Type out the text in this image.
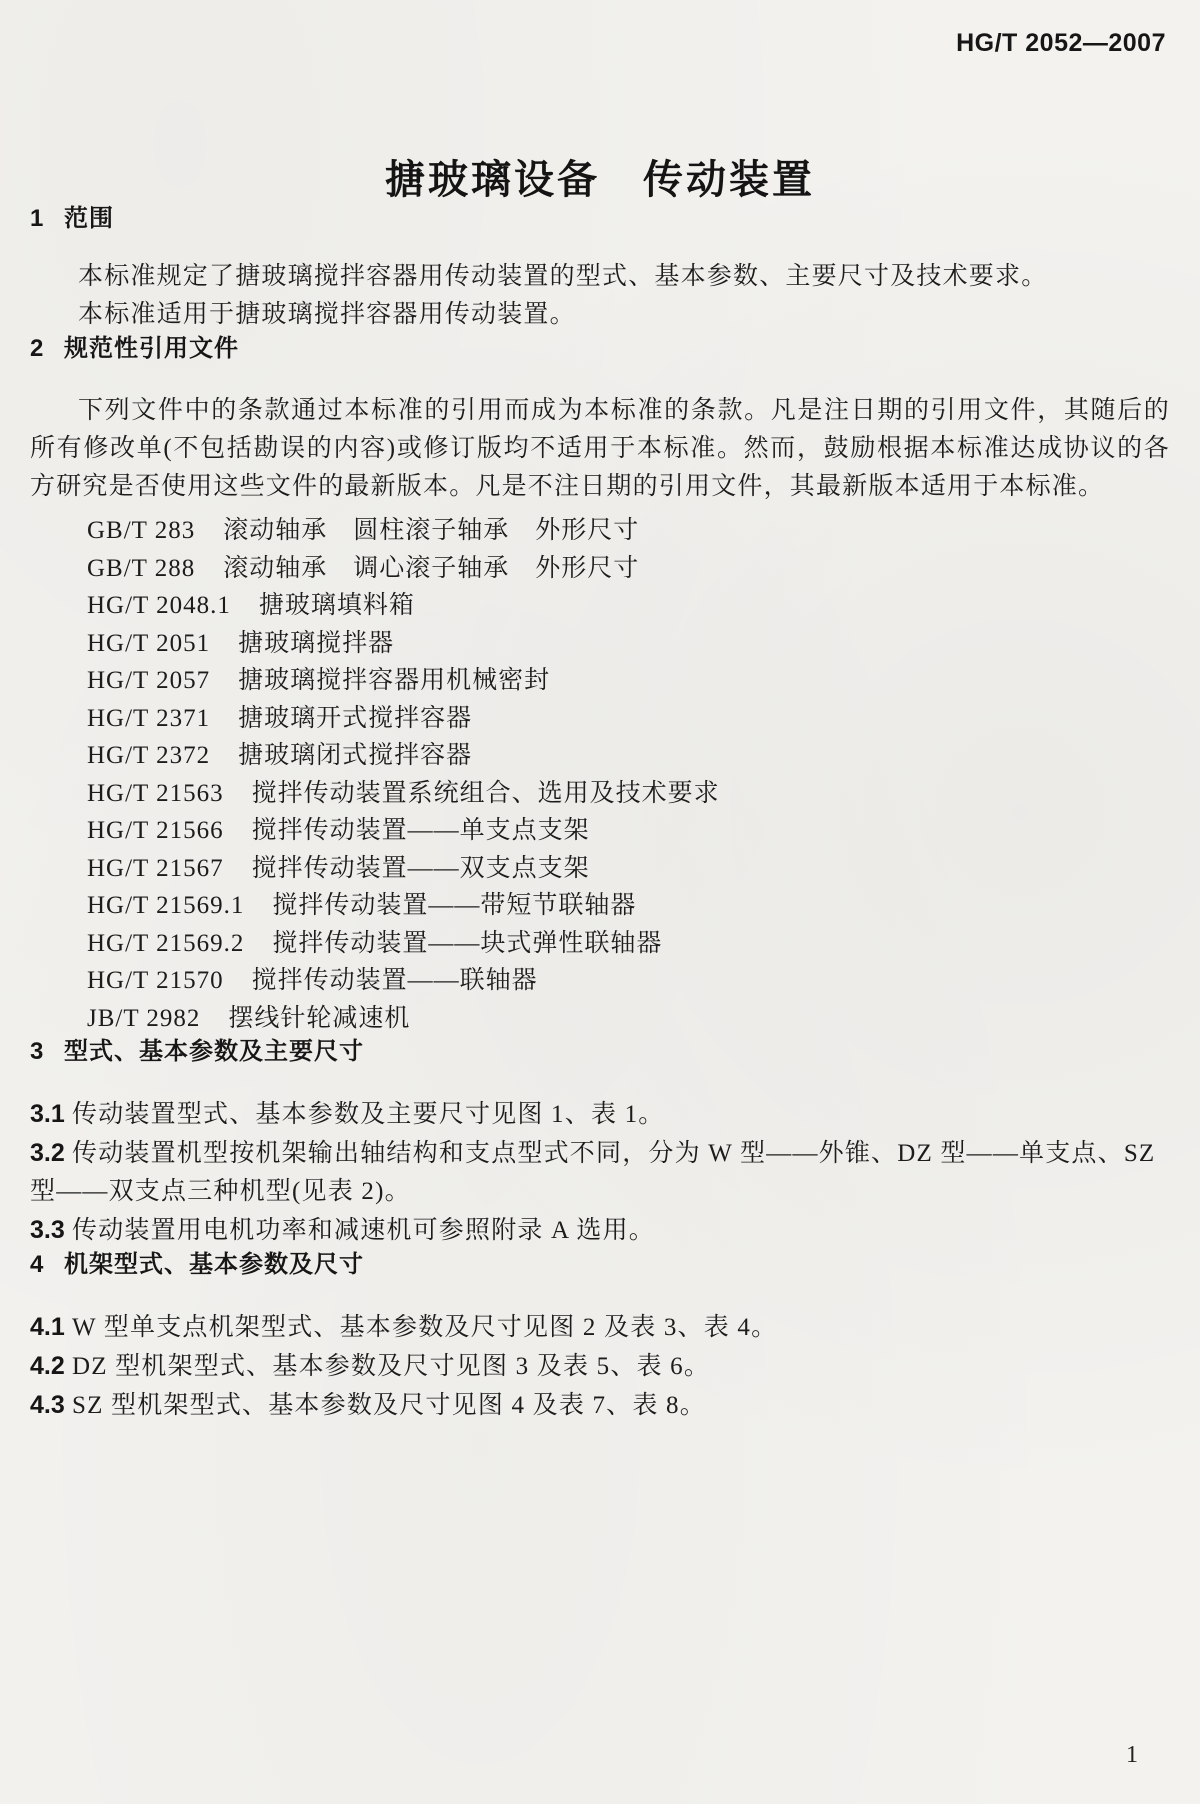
HG/T 2052—2007
搪玻璃设备　传动装置
1 范围

本标准规定了搪玻璃搅拌容器用传动装置的型式、基本参数、主要尺寸及技术要求。

本标准适用于搪玻璃搅拌容器用传动装置。

2 规范性引用文件

下列文件中的条款通过本标准的引用而成为本标准的条款。凡是注日期的引用文件，其随后的所有修改单(不包括勘误的内容)或修订版均不适用于本标准。然而，鼓励根据本标准达成协议的各方研究是否使用这些文件的最新版本。凡是不注日期的引用文件，其最新版本适用于本标准。

GB/T 283 滚动轴承　圆柱滚子轴承　外形尺寸
GB/T 288 滚动轴承　调心滚子轴承　外形尺寸
HG/T 2048.1 搪玻璃填料箱
HG/T 2051 搪玻璃搅拌器
HG/T 2057 搪玻璃搅拌容器用机械密封
HG/T 2371 搪玻璃开式搅拌容器
HG/T 2372 搪玻璃闭式搅拌容器
HG/T 21563 搅拌传动装置系统组合、选用及技术要求
HG/T 21566 搅拌传动装置——单支点支架
HG/T 21567 搅拌传动装置——双支点支架
HG/T 21569.1 搅拌传动装置——带短节联轴器
HG/T 21569.2 搅拌传动装置——块式弹性联轴器
HG/T 21570 搅拌传动装置——联轴器
JB/T 2982 摆线针轮减速机
3 型式、基本参数及主要尺寸

3.1 传动装置型式、基本参数及主要尺寸见图 1、表 1。

3.2 传动装置机型按机架输出轴结构和支点型式不同，分为 W 型——外锥、DZ 型——单支点、SZ 型——双支点三种机型(见表 2)。

3.3 传动装置用电机功率和减速机可参照附录 A 选用。

4 机架型式、基本参数及尺寸

4.1 W 型单支点机架型式、基本参数及尺寸见图 2 及表 3、表 4。

4.2 DZ 型机架型式、基本参数及尺寸见图 3 及表 5、表 6。

4.3 SZ 型机架型式、基本参数及尺寸见图 4 及表 7、表 8。

1
